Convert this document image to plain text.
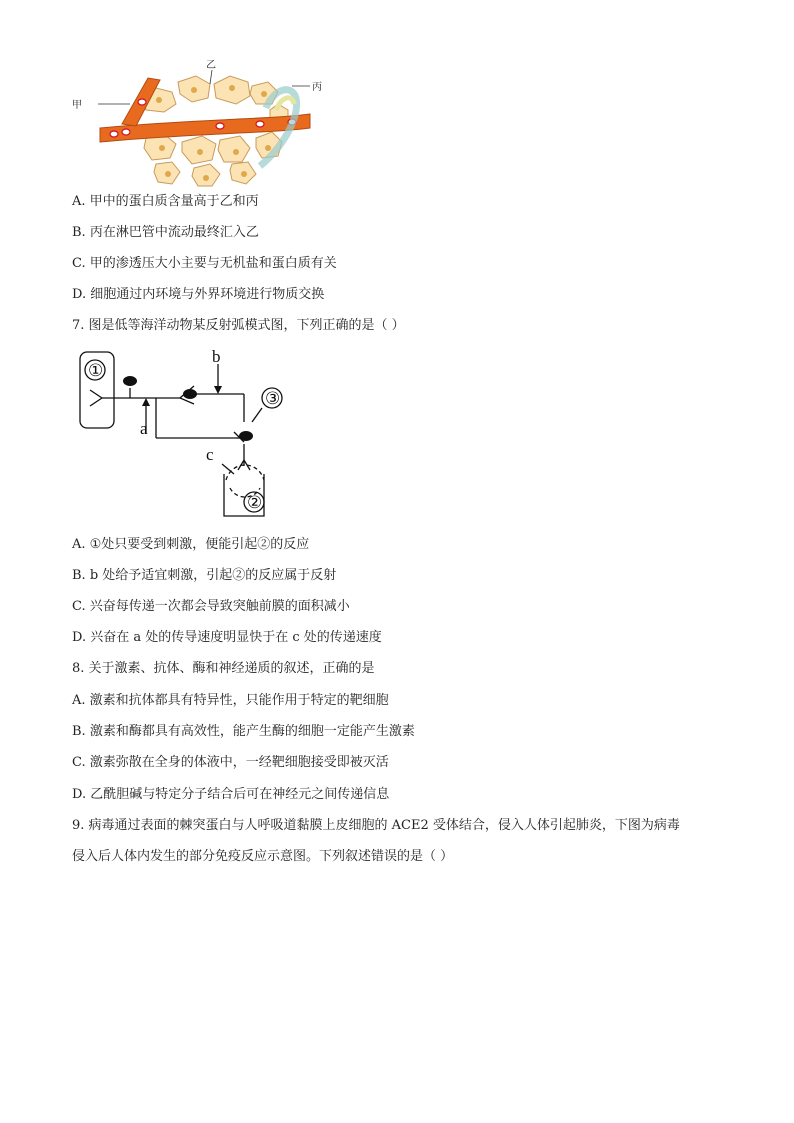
甲
乙
丙
A. 甲中的蛋白质含量高于乙和丙
B. 丙在淋巴管中流动最终汇入乙
C. 甲的渗透压大小主要与无机盐和蛋白质有关
D. 细胞通过内环境与外界环境进行物质交换
7. 图是低等海洋动物某反射弧模式图，下列正确的是（ ）
①
②
③
a
b
c
A. ①处只要受到刺激，便能引起②的反应
B. b 处给予适宜刺激，引起②的反应属于反射
C. 兴奋每传递一次都会导致突触前膜的面积减小
D. 兴奋在 a 处的传导速度明显快于在 c 处的传递速度
8. 关于激素、抗体、酶和神经递质的叙述，正确的是
A. 激素和抗体都具有特异性，只能作用于特定的靶细胞
B. 激素和酶都具有高效性，能产生酶的细胞一定能产生激素
C. 激素弥散在全身的体液中，一经靶细胞接受即被灭活
D. 乙酰胆碱与特定分子结合后可在神经元之间传递信息
9. 病毒通过表面的棘突蛋白与人呼吸道黏膜上皮细胞的 ACE2 受体结合，侵入人体引起肺炎，下图为病毒
侵入后人体内发生的部分免疫反应示意图。下列叙述错误的是（ ）
